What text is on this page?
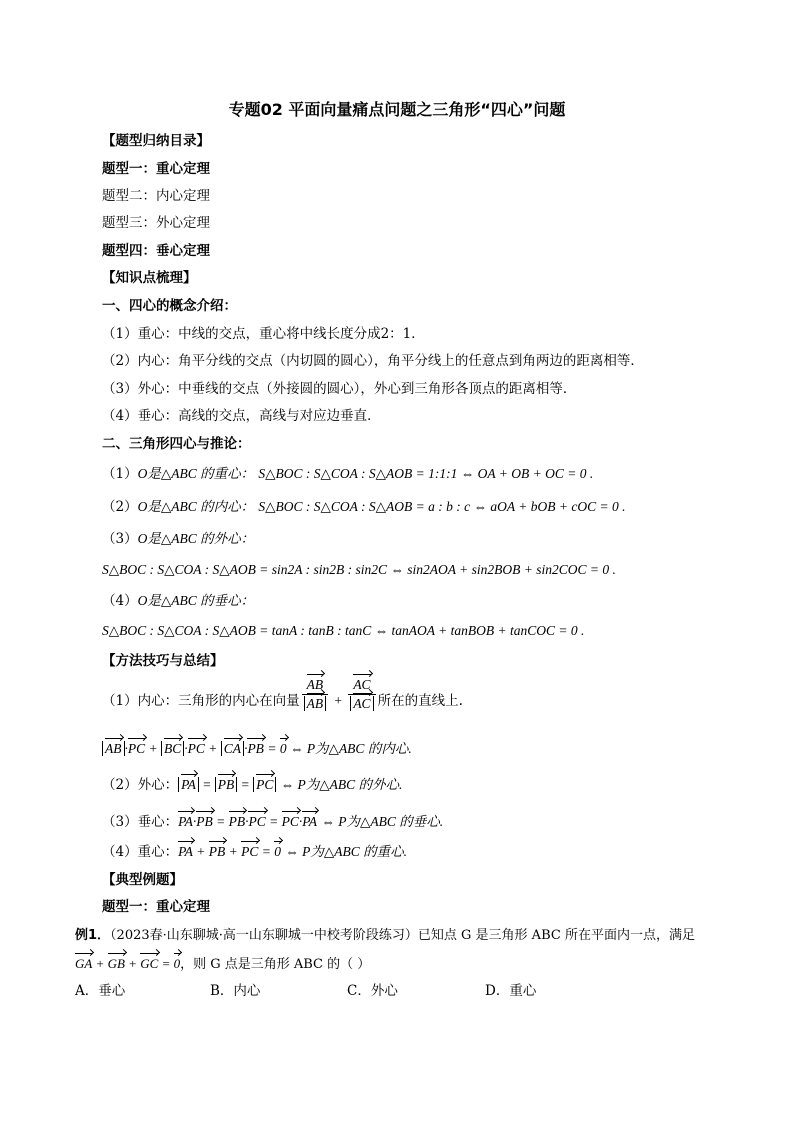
专题02 平面向量痛点问题之三角形“四心”问题
【题型归纳目录】
题型一：重心定理
题型二：内心定理
题型三：外心定理
题型四：垂心定理
【知识点梳理】
一、四心的概念介绍：
（1）重心：中线的交点，重心将中线长度分成2：1．
（2）内心：角平分线的交点（内切圆的圆心），角平分线上的任意点到角两边的距离相等．
（3）外心：中垂线的交点（外接圆的圆心），外心到三角形各顶点的距离相等．
（4）垂心：高线的交点，高线与对应边垂直．
二、三角形四心与推论：
（1）O是△ABC 的重心： S△BOC : S△COA : S△AOB = 1:1:1 ⇔ OA + OB + OC = 0 .
（2）O是△ABC 的内心： S△BOC : S△COA : S△AOB = a : b : c ⇔ aOA + bOB + cOC = 0 .
（3）O是△ABC 的外心：
S△BOC : S△COA : S△AOB = sin2A : sin2B : sin2C ⇔ sin2AOA + sin2BOB + sin2COC = 0 .
（4）O是△ABC 的垂心：
S△BOC : S△COA : S△AOB = tanA : tanB : tanC ⇔ tanAOA + tanBOB + tanCOC = 0 .
【方法技巧与总结】
（1）内心：三角形的内心在向量 $\frac{AB}{AB} + \frac{AC}{AC}$ 所在的直线上.
AB ·PC + BC ·PC + CA ·PB = 0 ⇔ P为△ABC 的内心.
（2）外心： PA = PB = PC ⇔ P为△ABC 的外心.
（3）垂心：PA·PB = PB·PC = PC·PA ⇔ P为△ABC 的垂心.
（4）重心：PA + PB + PC = 0 ⇔ P为△ABC 的重心.
【典型例题】
题型一：重心定理
例1．（2023春·山东聊城·高一山东聊城一中校考阶段练习）已知点 G 是三角形 ABC 所在平面内一点，满足
GA + GB + GC = 0，则 G 点是三角形 ABC 的（ ）
A．垂心	B．内心	C．外心	D．重心
